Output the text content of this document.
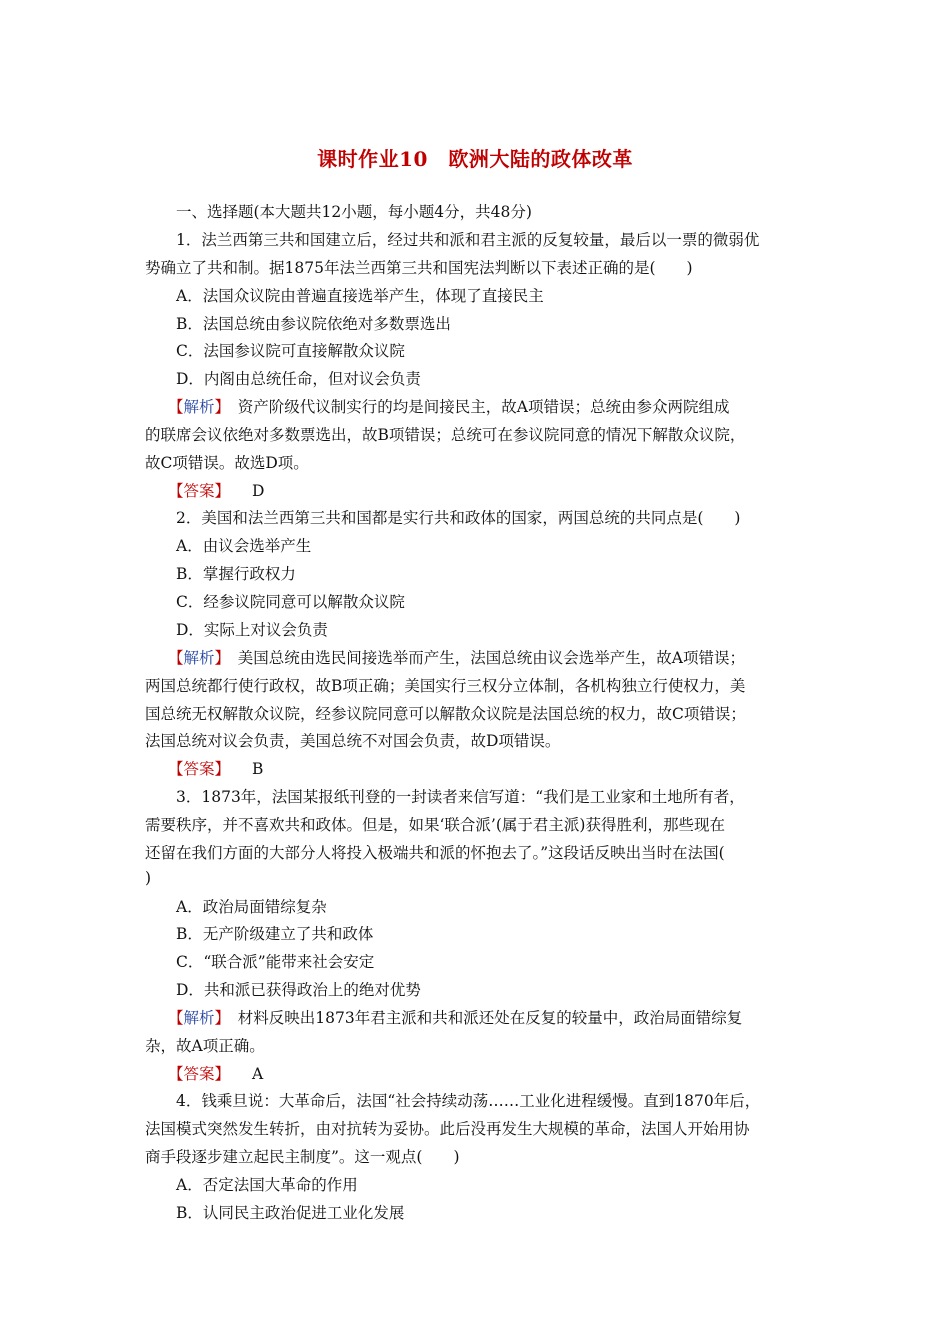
课时作业10　欧洲大陆的政体改革
一、选择题(本大题共12小题，每小题4分，共48分)
1．法兰西第三共和国建立后，经过共和派和君主派的反复较量，最后以一票的微弱优
势确立了共和制。据1875年法兰西第三共和国宪法判断以下表述正确的是(　　)
A．法国众议院由普遍直接选举产生，体现了直接民主
B．法国总统由参议院依绝对多数票选出
C．法国参议院可直接解散众议院
D．内阁由总统任命，但对议会负责
【解析】　资产阶级代议制实行的均是间接民主，故A项错误；总统由参众两院组成
的联席会议依绝对多数票选出，故B项错误；总统可在参议院同意的情况下解散众议院，
故C项错误。故选D项。
【答案】 D
2．美国和法兰西第三共和国都是实行共和政体的国家，两国总统的共同点是(　　)
A．由议会选举产生
B．掌握行政权力
C．经参议院同意可以解散众议院
D．实际上对议会负责
【解析】　美国总统由选民间接选举而产生，法国总统由议会选举产生，故A项错误；
两国总统都行使行政权，故B项正确；美国实行三权分立体制，各机构独立行使权力，美
国总统无权解散众议院，经参议院同意可以解散众议院是法国总统的权力，故C项错误；
法国总统对议会负责，美国总统不对国会负责，故D项错误。
【答案】 B
3．1873年，法国某报纸刊登的一封读者来信写道：“我们是工业家和土地所有者，
需要秩序，并不喜欢共和政体。但是，如果‘联合派’(属于君主派)获得胜利，那些现在
还留在我们方面的大部分人将投入极端共和派的怀抱去了。”这段话反映出当时在法国(
)
A．政治局面错综复杂
B．无产阶级建立了共和政体
C．“联合派”能带来社会安定
D．共和派已获得政治上的绝对优势
【解析】　材料反映出1873年君主派和共和派还处在反复的较量中，政治局面错综复
杂，故A项正确。
【答案】 A
4．钱乘旦说：大革命后，法国“社会持续动荡……工业化进程缓慢。直到1870年后，
法国模式突然发生转折，由对抗转为妥协。此后没再发生大规模的革命，法国人开始用协
商手段逐步建立起民主制度”。这一观点(　　)
A．否定法国大革命的作用
B．认同民主政治促进工业化发展
